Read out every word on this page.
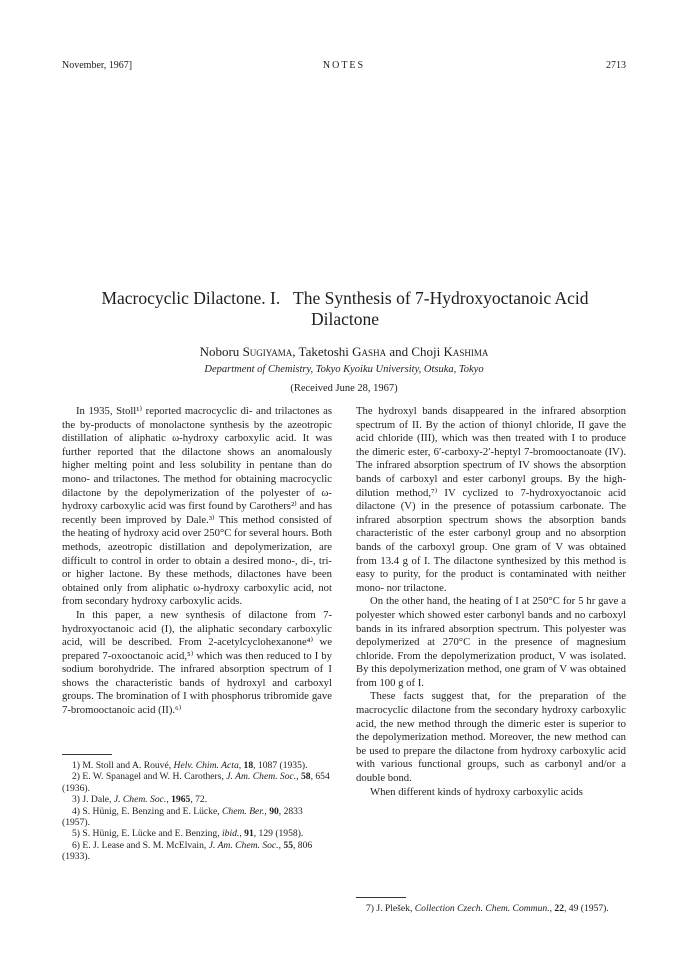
November, 1967]	NOTES	2713
Macrocyclic Dilactone. I.   The Synthesis of 7-Hydroxyoctanoic Acid
Dilactone
Noboru Sugiyama, Taketoshi Gasha and Choji Kashima
Department of Chemistry, Tokyo Kyoiku University, Otsuka, Tokyo
(Received June 28, 1967)

In 1935, Stoll¹⁾ reported macrocyclic di- and trilactones as the by-products of monolactone synthesis by the azeotropic distillation of aliphatic ω-hydroxy carboxylic acid. It was further reported that the dilactone shows an anomalously higher melting point and less solubility in pentane than do mono- and trilactones. The method for obtaining macrocyclic dilactone by the depolymerization of the polyester of ω-hydroxy carboxylic acid was first found by Carothers²⁾ and has recently been improved by Dale.³⁾ This method consisted of the heating of hydroxy acid over 250°C for several hours. Both methods, azeotropic distillation and depolymerization, are difficult to control in order to obtain a desired mono-, di-, tri- or higher lactone. By these methods, dilactones have been obtained only from aliphatic ω-hydroxy carboxylic acid, not from secondary hydroxy carboxylic acids.

In this paper, a new synthesis of dilactone from 7-hydroxyoctanoic acid (I), the aliphatic secondary carboxylic acid, will be described. From 2-acetylcyclohexanone⁴⁾ we prepared 7-oxooctanoic acid,⁵⁾ which was then reduced to I by sodium borohydride. The infrared absorption spectrum of I shows the characteristic bands of hydroxyl and carboxyl groups. The bromination of I with phosphorus tribromide gave 7-bromooctanoic acid (II).⁶⁾

The hydroxyl bands disappeared in the infrared absorption spectrum of II. By the action of thionyl chloride, II gave the acid chloride (III), which was then treated with I to produce the dimeric ester, 6′-carboxy-2′-heptyl 7-bromooctanoate (IV). The infrared absorption spectrum of IV shows the absorption bands of carboxyl and ester carbonyl groups. By the high-dilution method,⁷⁾ IV cyclized to 7-hydroxyoctanoic acid dilactone (V) in the presence of potassium carbonate. The infrared absorption spectrum shows the absorption bands characteristic of the ester carbonyl group and no absorption bands of the carboxyl group. One gram of V was obtained from 13.4 g of I. The dilactone synthesized by this method is easy to purity, for the product is contaminated with neither mono- nor trilactone.

On the other hand, the heating of I at 250°C for 5 hr gave a polyester which showed ester carbonyl bands and no carboxyl bands in its infrared absorption spectrum. This polyester was depolymerized at 270°C in the presence of magnesium chloride. From the depolymerization product, V was isolated. By this depolymerization method, one gram of V was obtained from 100 g of I.

These facts suggest that, for the preparation of the macrocyclic dilactone from the secondary hydroxy carboxylic acid, the new method through the dimeric ester is superior to the depolymerization method. Moreover, the new method can be used to prepare the dilactone from hydroxy carboxylic acid with various functional groups, such as carbonyl and/or a double bond.

When different kinds of hydroxy carboxylic acids

1) M. Stoll and A. Rouvé, Helv. Chim. Acta, 18, 1087 (1935).

2) E. W. Spanagel and W. H. Carothers, J. Am. Chem. Soc., 58, 654 (1936).

3) J. Dale, J. Chem. Soc., 1965, 72.

4) S. Hünig, E. Benzing and E. Lücke, Chem. Ber., 90, 2833 (1957).

5) S. Hünig, E. Lücke and E. Benzing, ibid., 91, 129 (1958).

6) E. J. Lease and S. M. McElvain, J. Am. Chem. Soc., 55, 806 (1933).

7) J. Plešek, Collection Czech. Chem. Commun., 22, 49 (1957).
